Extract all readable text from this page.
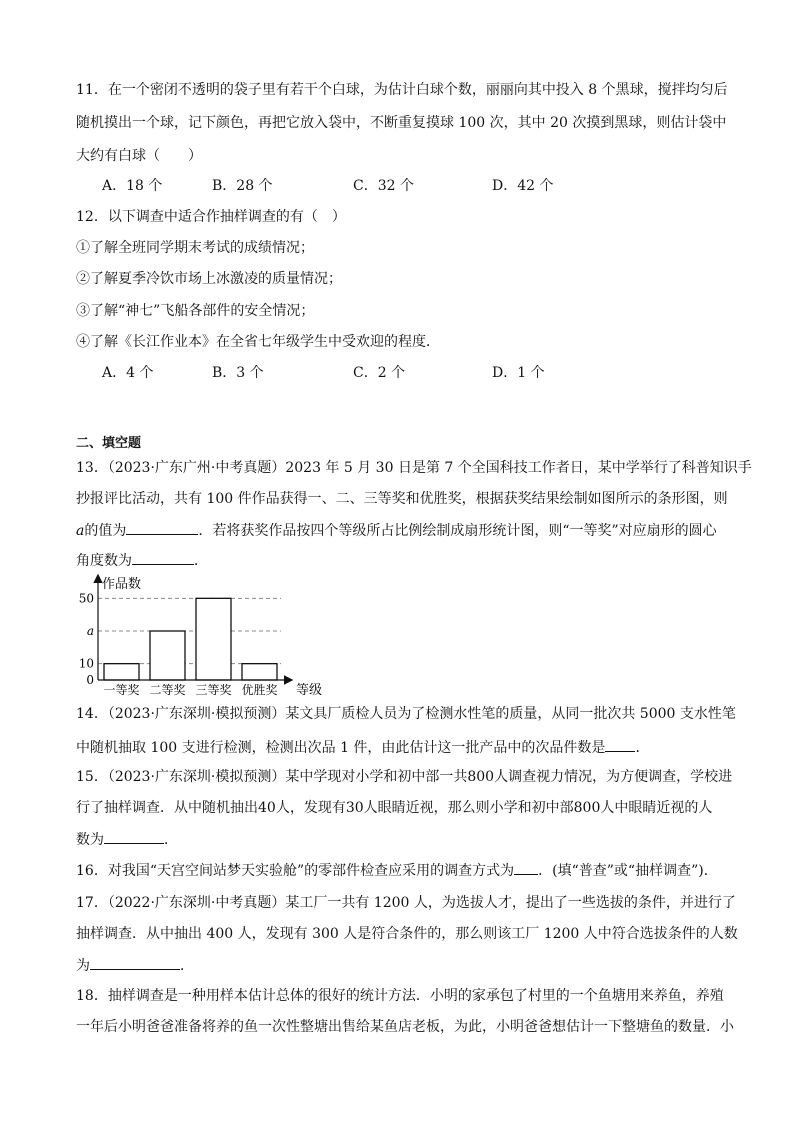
11．在一个密闭不透明的袋子里有若干个白球，为估计白球个数，丽丽向其中投入 8 个黑球，搅拌均匀后
随机摸出一个球，记下颜色，再把它放入袋中，不断重复摸球 100 次，其中 20 次摸到黑球，则估计袋中
大约有白球（　　）
A．18 个	B．28 个	C．32 个	D．42 个
12．以下调查中适合作抽样调查的有（　）
①了解全班同学期末考试的成绩情况；
②了解夏季冷饮市场上冰激凌的质量情况；
③了解“神七”飞船各部件的安全情况；
④了解《长江作业本》在全省七年级学生中受欢迎的程度．
A．4 个	B．3 个	C．2 个	D．1 个
二、填空题
13．（2023·广东广州·中考真题）2023 年 5 月 30 日是第 7 个全国科技工作者日，某中学举行了科普知识手
抄报评比活动，共有 100 件作品获得一、二、三等奖和优胜奖，根据获奖结果绘制如图所示的条形图，则
a的值为	．若将获奖作品按四个等级所占比例绘制成扇形统计图，则“一等奖”对应扇形的圆心
角度数为	．
作品数
等级
0
10
a
50
一等奖 二等奖 三等奖 优胜奖
14．（2023·广东深圳·模拟预测）某文具厂质检人员为了检测水性笔的质量，从同一批次共 5000 支水性笔
中随机抽取 100 支进行检测，检测出次品 1 件，由此估计这一批产品中的次品件数是 ．
15．（2023·广东深圳·模拟预测）某中学现对小学和初中部一共800人调查视力情况，为方便调查，学校进
行了抽样调查．从中随机抽出40人，发现有30人眼睛近视，那么则小学和初中部800人中眼睛近视的人
数为	．
16．对我国“天宫空间站梦天实验舱”的零部件检查应采用的调查方式为 ．(填“普查”或“抽样调查”)．
17．（2022·广东深圳·中考真题）某工厂一共有 1200 人，为选拔人才，提出了一些选拔的条件，并进行了
抽样调查．从中抽出 400 人，发现有 300 人是符合条件的，那么则该工厂 1200 人中符合选拔条件的人数
为	．
18．抽样调查是一种用样本估计总体的很好的统计方法．小明的家承包了村里的一个鱼塘用来养鱼，养殖
一年后小明爸爸准备将养的鱼一次性整塘出售给某鱼店老板，为此，小明爸爸想估计一下整塘鱼的数量．小
